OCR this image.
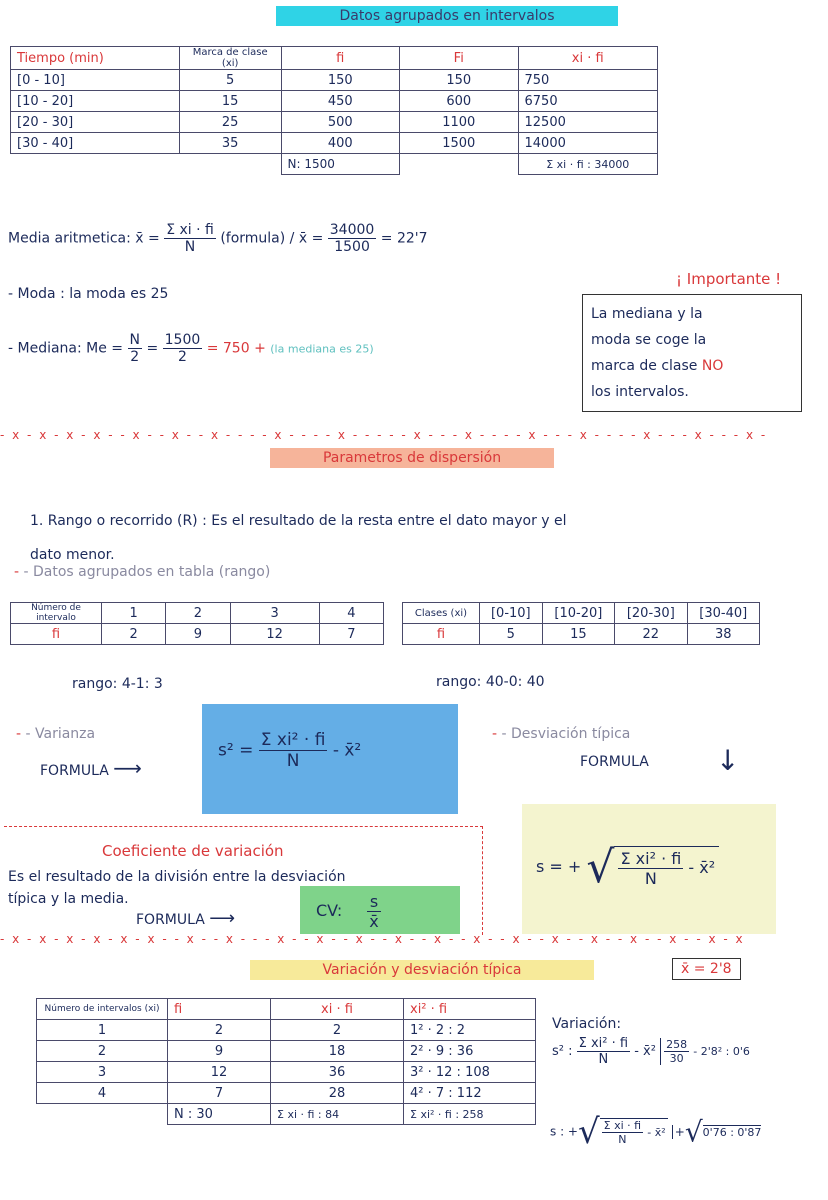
Datos agrupados en intervalos
Tiempo (min)	Marca de clase (xi)	fi	Fi	xi · fi
[0 - 10]	5	150	150	750
[10 - 20]	15	450	600	6750
[20 - 30]	25	500	1100	12500
[30 - 40]	35	400	1500	14000
		N: 1500		Σ xi · fi : 34000
Media aritmetica: x̄ = $\frac{\text{Σ xi · fi}}{N}$ (formula) / x̄ = $\frac{34000}{1500} = 22'7$
¡ Importante !
- Moda : la moda es 25
- Mediana: $Me = \frac{N}{2} = \frac{1500}{2} = 750 + (la$ mediana es 25)
La mediana y la
moda se coge la
marca de clase NO
los intervalos.
- x - x - x - x - - x - - x - - x - - - - x - - - - x - - - - - x - - - x - - - - x - - - x - - - - x - - - x - - - x -
Parametros de dispersión
1. Rango o recorrido (R) : Es el resultado de la resta entre el dato mayor y el
dato menor.
- - Datos agrupados en tabla (rango)
Número de intervalo	1	2	3	4
fi	2	9	12	7
Clases (xi)	[0-10]	[10-20]	[20-30]	[30-40]
fi	5	15	22	38
rango: 4-1: 3	rango: 40-0: 40
- - Varianza
FORMULA ⟶
$s^2 = \frac{\text{Σ xi² · fi}}{N}$ - x̄²
- - Desviación típica
FORMULA ↓
s = + √ $\frac{\text{Σ xi² · fi}}{N}$ - x̄²
Coeficiente de variación
Es el resultado de la división entre la desviación
típica y la media.
FORMULA ⟶	CV: $\frac{s}{x̄}$
- x - x - x - x - x - x - - x - - x - - - x - - x - - x - - x - - x - - x - - x - - x - - x - - x - - x - - x - x
Variación y desviación típica	x̄ = 2'8
Número de intervalos (xi)	fi	xi · fi	xi² · fi
1	2	2	1² · 2 : 2
2	9	18	2² · 9 : 36
3	12	36	3² · 12 : 108
4	7	28	4² · 7 : 112
	N : 30	Σ xi · fi : 84	Σ xi² · fi : 258
Variación:
s² : $\frac{\text{Σ xi² · fi}}{N}$ - x̄² $\frac{258}{30} - 2'8^2$ : 0'6
s : +√ $\frac{\text{Σ xi · fi}}{N}$ - x̄² +√0'76 : 0'87
